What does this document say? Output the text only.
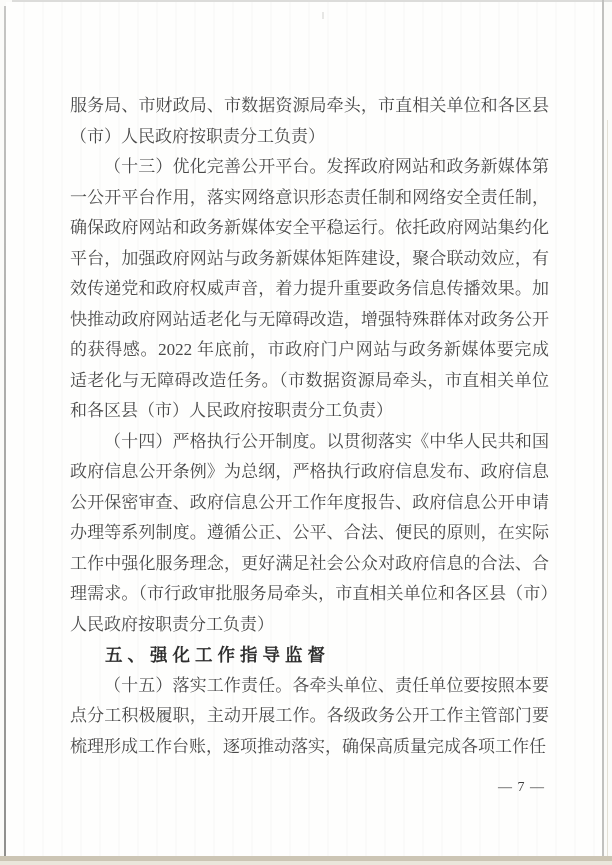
服务局、市财政局、市数据资源局牵头，市直相关单位和各区县（市）人民政府按职责分工负责）

（十三）优化完善公开平台。发挥政府网站和政务新媒体第一公开平台作用，落实网络意识形态责任制和网络安全责任制，确保政府网站和政务新媒体安全平稳运行。依托政府网站集约化平台，加强政府网站与政务新媒体矩阵建设，聚合联动效应，有效传递党和政府权威声音，着力提升重要政务信息传播效果。加快推动政府网站适老化与无障碍改造，增强特殊群体对政务公开的获得感。2022 年底前，市政府门户网站与政务新媒体要完成适老化与无障碍改造任务。（市数据资源局牵头，市直相关单位和各区县（市）人民政府按职责分工负责）

（十四）严格执行公开制度。以贯彻落实《中华人民共和国政府信息公开条例》为总纲，严格执行政府信息发布、政府信息公开保密审查、政府信息公开工作年度报告、政府信息公开申请办理等系列制度。遵循公正、公平、合法、便民的原则，在实际工作中强化服务理念，更好满足社会公众对政府信息的合法、合理需求。（市行政审批服务局牵头，市直相关单位和各区县（市）人民政府按职责分工负责）

五、强化工作指导监督

（十五）落实工作责任。各牵头单位、责任单位要按照本要点分工积极履职，主动开展工作。各级政务公开工作主管部门要梳理形成工作台账，逐项推动落实，确保高质量完成各项工作任

— 7 —
